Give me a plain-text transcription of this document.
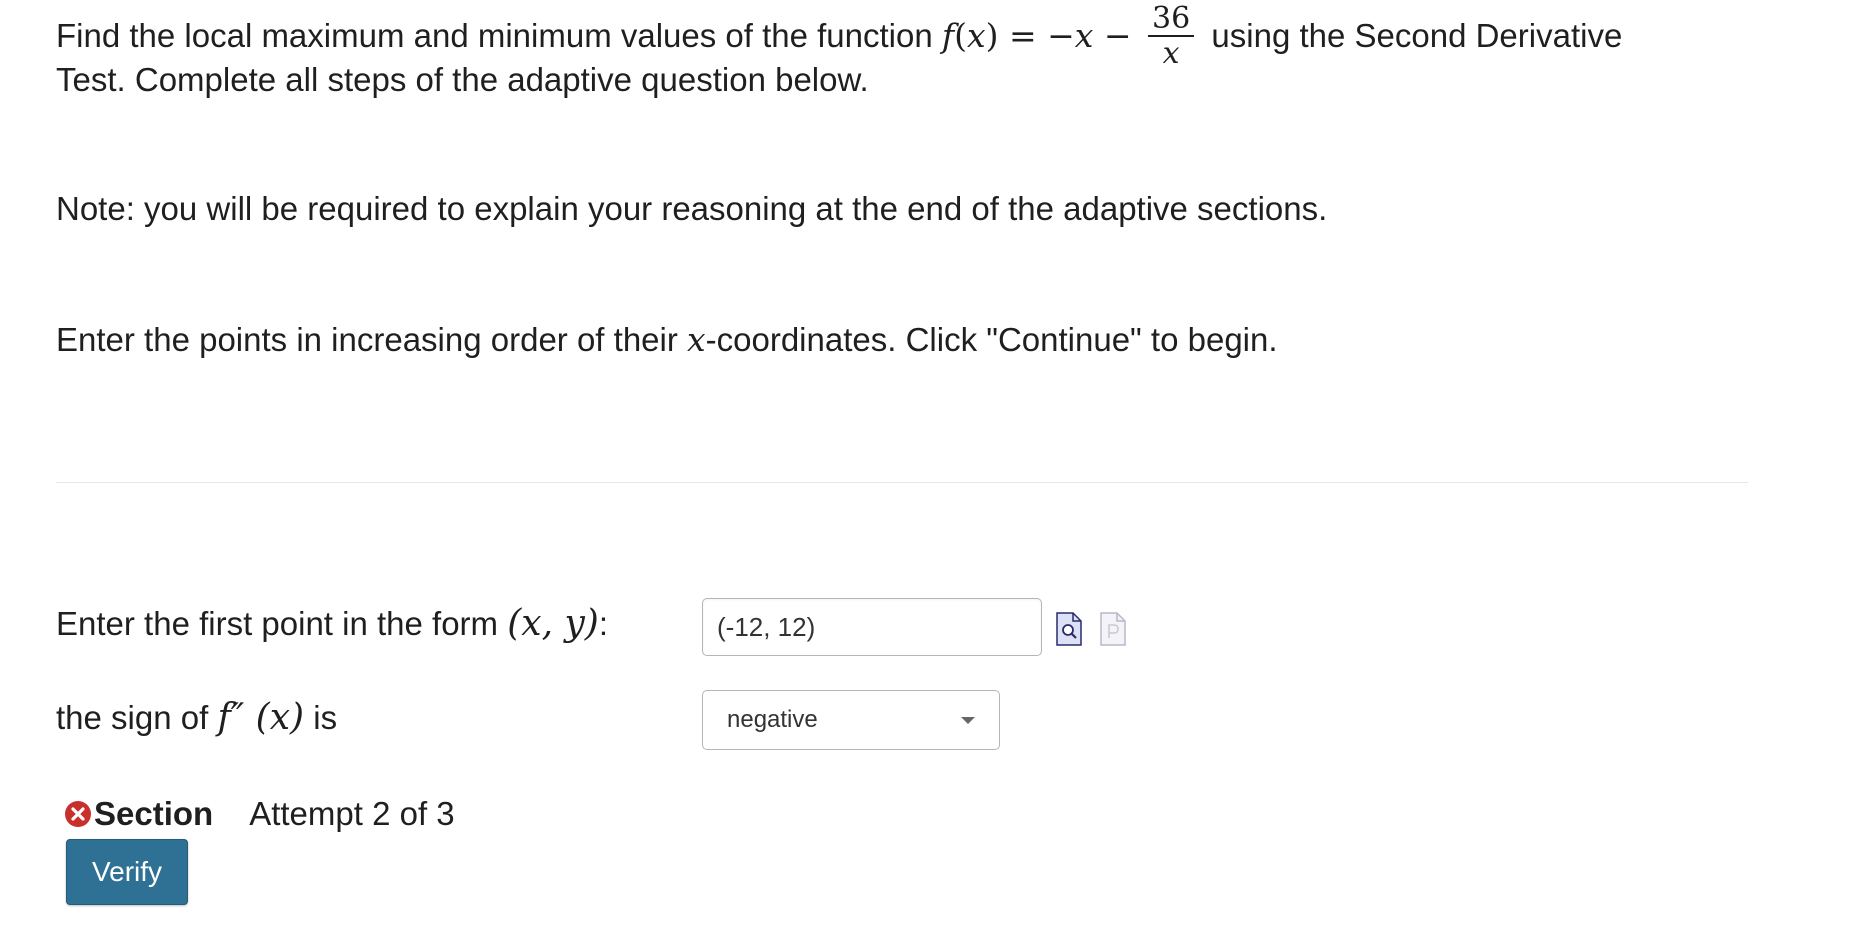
Find the local maximum and minimum values of the function $f(x) = -x - \frac{36}{x}$ using the Second Derivative
Test. Complete all steps of the adaptive question below.
Note: you will be required to explain your reasoning at the end of the adaptive sections.
Enter the points in increasing order of their x-coordinates. Click "Continue" to begin.
Enter the first point in the form (x, y):
(-12, 12)
the sign of f″ (x) is	negative
Section Attempt 2 of 3
Verify
